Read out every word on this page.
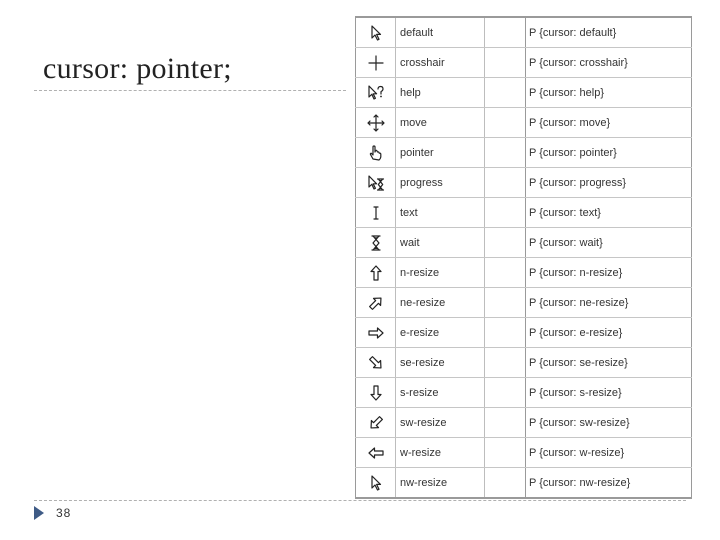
cursor: pointer;
	default		P {cursor: default}

	crosshair		P {cursor: crosshair}

	help		P {cursor: help}

	move		P {cursor: move}

	pointer		P {cursor: pointer}

	progress		P {cursor: progress}

	text		P {cursor: text}

	wait		P {cursor: wait}

	n-resize		P {cursor: n-resize}

	ne-resize		P {cursor: ne-resize}

	e-resize		P {cursor: e-resize}

	se-resize		P {cursor: se-resize}

	s-resize		P {cursor: s-resize}

	sw-resize		P {cursor: sw-resize}

	w-resize		P {cursor: w-resize}

	nw-resize		P {cursor: nw-resize}
38
